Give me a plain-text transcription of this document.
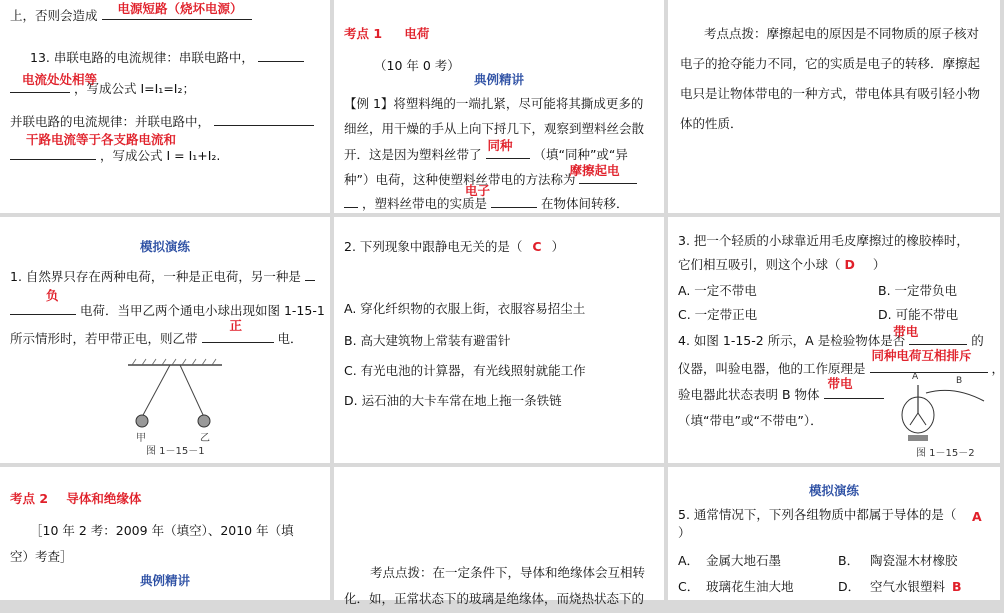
上，否则会造成 电源短路（烧坏电源）
13. 串联电路的电流规律：串联电路中，
电流处处相等
，写成公式 I=I₁=I₂；
并联电路的电流规律：并联电路中，
干路电流等于各支路电流和
，写成公式 I = I₁+I₂.
考点 1 电荷
（10 年 0 考）
典例精讲
【例 1】将塑料绳的一端扎紧，尽可能将其撕成更多的
细丝，用干燥的手从上向下捋几下，观察到塑料丝会散
开．这是因为塑料丝带了
同种
（填“同种”或“异
种”）电荷，这种使塑料丝带电的方法称为
摩擦起电
，塑料丝带电的实质是
电子
在物体间转移．
考点点拨：摩擦起电的原因是不同物质的原子核对
电子的抢夺能力不同，它的实质是电子的转移．摩擦起
电只是让物体带电的一种方式，带电体具有吸引轻小物
体的性质．
模拟演练
1. 自然界只存在两种电荷，一种是正电荷，另一种是
负
电荷．当甲乙两个通电小球出现如图 1-15-1
所示情形时，若甲带正电，则乙带
正
电．
甲	乙
图 1－15－1
2. 下列现象中跟静电无关的是（ C ）
A. 穿化纤织物的衣服上街，衣服容易招尘土
B. 高大建筑物上常装有避雷针
C. 有光电池的计算器，有光线照射就能工作
D. 运石油的大卡车常在地上拖一条铁链
3. 把一个轻质的小球靠近用毛皮摩擦过的橡胶棒时，
它们相互吸引，则这个小球（ D ）
A. 一定不带电	B. 一定带负电
C. 一定带正电	D. 可能不带电
4. 如图 1-15-2 所示，A 是检验物体是否
带电
的
仪器，叫验电器，他的工作原理是
同种电荷互相排斥
，
验电器此状态表明 B 物体
带电
（填“带电”或“不带电”）．
A	B
图 1－15－2
考点 2 导体和绝缘体
［10 年 2 考：2009 年（填空）、2010 年（填
空）考查］
典例精讲
考点点拨：在一定条件下，导体和绝缘体会互相转
化．如，正常状态下的玻璃是绝缘体，而烧热状态下的
模拟演练
5. 通常情况下，下列各组物质中都属于导体的是（ A
）
A． 金属大地石墨	B． 陶瓷湿木材橡胶
C． 玻璃花生油大地	D． 空气水银塑料 B
